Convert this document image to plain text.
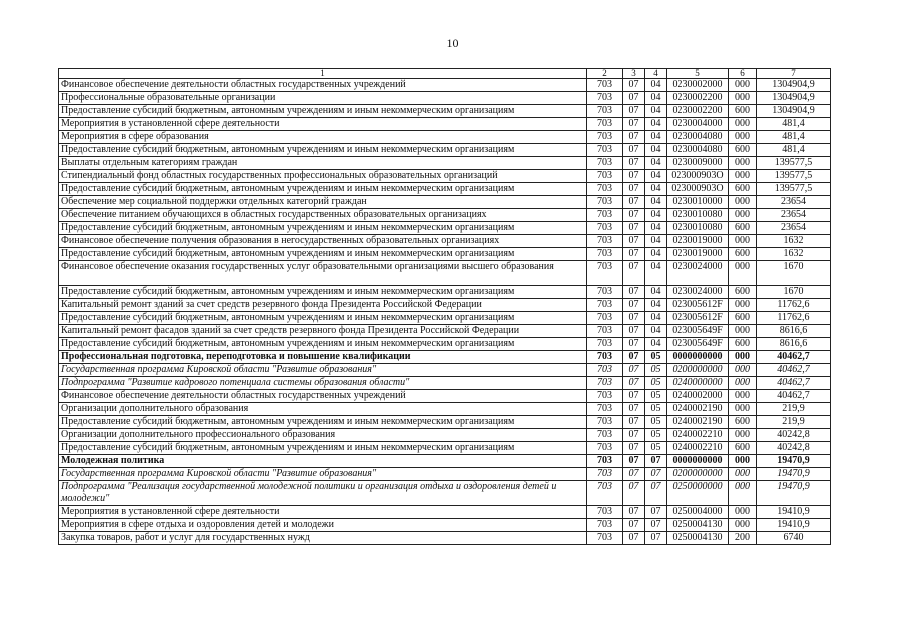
10
1	2	3	4	5	6	7
Финансовое обеспечение деятельности областных государственных учреждений	703	07	04	0230002000	000	1304904,9
Профессиональные образовательные организации	703	07	04	0230002200	000	1304904,9
Предоставление субсидий бюджетным, автономным учреждениям и иным некоммерческим организациям	703	07	04	0230002200	600	1304904,9
Мероприятия в установленной сфере деятельности	703	07	04	0230004000	000	481,4
Мероприятия в сфере образования	703	07	04	0230004080	000	481,4
Предоставление субсидий бюджетным, автономным учреждениям и иным некоммерческим организациям	703	07	04	0230004080	600	481,4
Выплаты отдельным категориям граждан	703	07	04	0230009000	000	139577,5
Стипендиальный фонд областных государственных профессиональных образовательных организаций	703	07	04	023000903O	000	139577,5
Предоставление субсидий бюджетным, автономным учреждениям и иным некоммерческим организациям	703	07	04	023000903O	600	139577,5
Обеспечение мер социальной поддержки отдельных категорий граждан	703	07	04	0230010000	000	23654
Обеспечение питанием обучающихся в областных государственных образовательных организациях	703	07	04	0230010080	000	23654
Предоставление субсидий бюджетным, автономным учреждениям и иным некоммерческим организациям	703	07	04	0230010080	600	23654
Финансовое обеспечение получения образования в негосударственных образовательных организациях	703	07	04	0230019000	000	1632
Предоставление субсидий бюджетным, автономным учреждениям и иным некоммерческим организациям	703	07	04	0230019000	600	1632
Финансовое обеспечение оказания государственных услуг образовательными организациями высшего образования	703	07	04	0230024000	000	1670
Предоставление субсидий бюджетным, автономным учреждениям и иным некоммерческим организациям	703	07	04	0230024000	600	1670
Капитальный ремонт зданий за счет средств резервного фонда Президента Российской Федерации	703	07	04	023005612F	000	11762,6
Предоставление субсидий бюджетным, автономным учреждениям и иным некоммерческим организациям	703	07	04	023005612F	600	11762,6
Капитальный ремонт фасадов зданий за счет средств резервного фонда Президента Российской Федерации	703	07	04	023005649F	000	8616,6
Предоставление субсидий бюджетным, автономным учреждениям и иным некоммерческим организациям	703	07	04	023005649F	600	8616,6
Профессиональная подготовка, переподготовка и повышение квалификации	703	07	05	0000000000	000	40462,7
Государственная программа Кировской области "Развитие образования"	703	07	05	0200000000	000	40462,7
Подпрограмма "Развитие кадрового потенциала системы образования области"	703	07	05	0240000000	000	40462,7
Финансовое обеспечение деятельности областных государственных учреждений	703	07	05	0240002000	000	40462,7
Организации дополнительного образования	703	07	05	0240002190	000	219,9
Предоставление субсидий бюджетным, автономным учреждениям и иным некоммерческим организациям	703	07	05	0240002190	600	219,9
Организации дополнительного профессионального образования	703	07	05	0240002210	000	40242,8
Предоставление субсидий бюджетным, автономным учреждениям и иным некоммерческим организациям	703	07	05	0240002210	600	40242,8
Молодежная политика	703	07	07	0000000000	000	19470,9
Государственная программа Кировской области "Развитие образования"	703	07	07	0200000000	000	19470,9
Подпрограмма "Реализация государственной молодежной политики и организация отдыха и оздоровления детей и молодежи"	703	07	07	0250000000	000	19470,9
Мероприятия в установленной сфере деятельности	703	07	07	0250004000	000	19410,9
Мероприятия в сфере отдыха и оздоровления детей и молодежи	703	07	07	0250004130	000	19410,9
Закупка товаров, работ и услуг для государственных нужд	703	07	07	0250004130	200	6740
